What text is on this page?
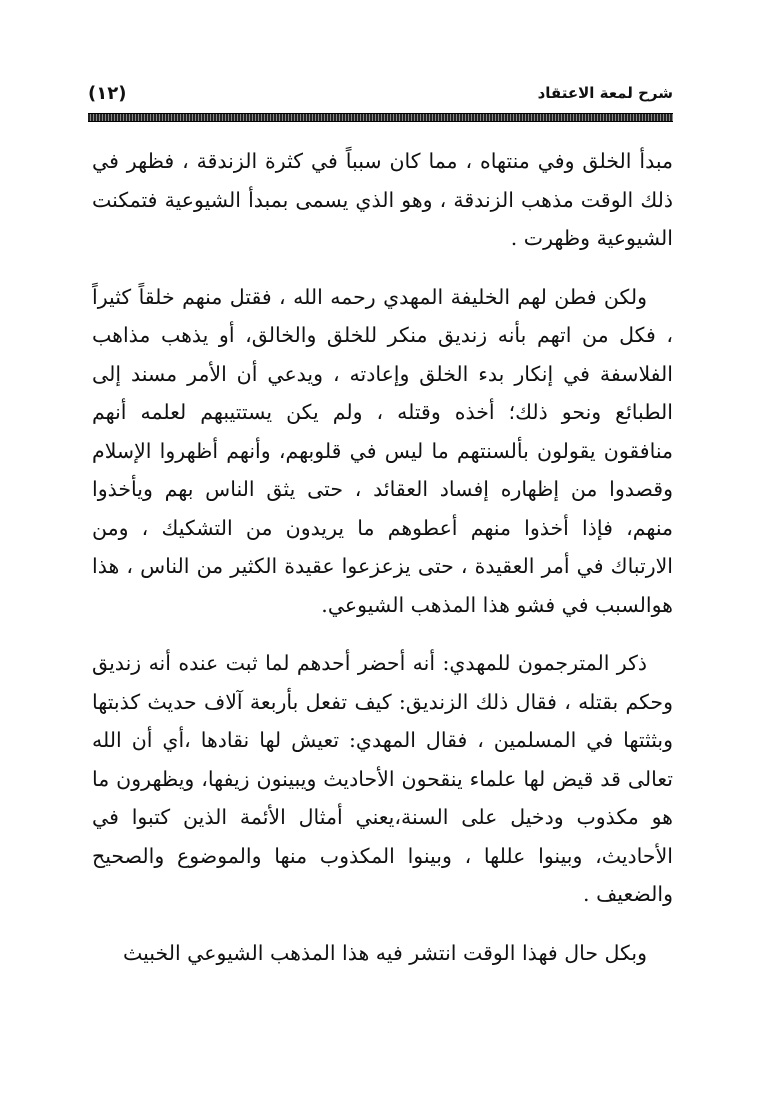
شرح لمعة الاعتقاد
(١٢)

مبدأ الخلق وفي منتهاه ، مما كان سبباً في كثرة الزندقة ، فظهر في ذلك الوقت مذهب الزندقة ، وهو الذي يسمى بمبدأ الشيوعية فتمكنت الشيوعية وظهرت .

ولكن فطن لهم الخليفة المهدي رحمه الله ، فقتل منهم خلقاً كثيراً ، فكل من اتهم بأنه زنديق منكر للخلق والخالق، أو يذهب مذاهب الفلاسفة في إنكار بدء الخلق وإعادته ، ويدعي أن الأمر مسند إلى الطبائع ونحو ذلك؛ أخذه وقتله ، ولم يكن يستتيبهم لعلمه أنهم منافقون يقولون بألسنتهم ما ليس في قلوبهم، وأنهم أظهروا الإسلام وقصدوا من إظهاره إفساد العقائد ، حتى يثق الناس بهم ويأخذوا منهم، فإذا أخذوا منهم أعطوهم ما يريدون من التشكيك ، ومن الارتباك في أمر العقيدة ، حتى يزعزعوا عقيدة الكثير من الناس ، هذا هوالسبب في فشو هذا المذهب الشيوعي.

ذكر المترجمون للمهدي: أنه أحضر أحدهم لما ثبت عنده أنه زنديق وحكم بقتله ، فقال ذلك الزنديق: كيف تفعل بأربعة آلاف حديث كذبتها وبثثتها في المسلمين ، فقال المهدي: تعيش لها نقادها ،أي أن الله تعالى قد قيض لها علماء ينقحون الأحاديث ويبينون زيفها، ويظهرون ما هو مكذوب ودخيل على السنة،يعني أمثال الأئمة الذين كتبوا في الأحاديث، وبينوا عللها ، وبينوا المكذوب منها والموضوع والصحيح والضعيف .

وبكل حال فهذا الوقت انتشر فيه هذا المذهب الشيوعي الخبيث
